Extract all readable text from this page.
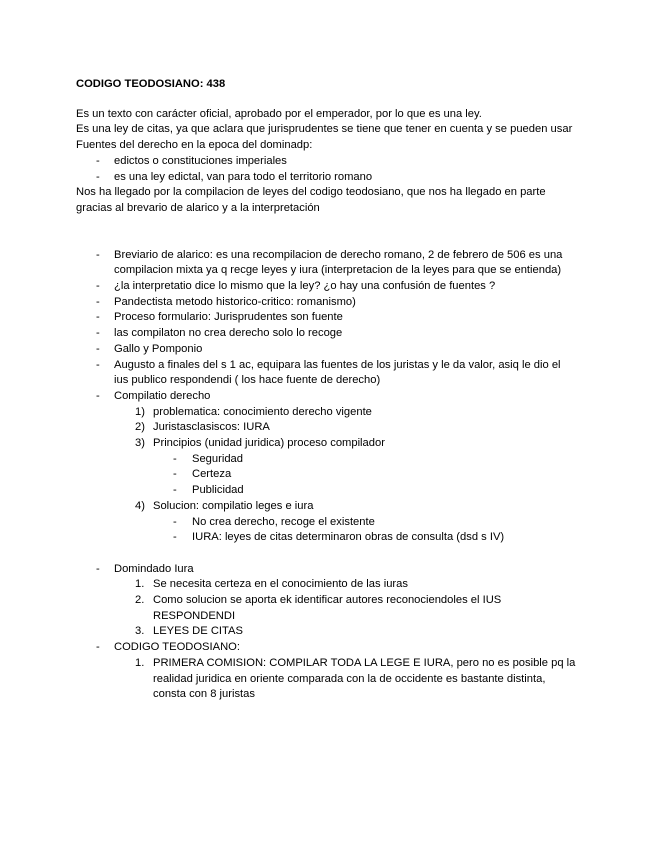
CODIGO TEODOSIANO: 438

Es un texto con carácter oficial, aprobado por el emperador, por lo que es una ley.

Es una ley de citas, ya que aclara que jurisprudentes se tiene que tener en cuenta y se pueden usar

Fuentes del derecho en la epoca del dominadp:

- edictos o constituciones imperiales
- es una ley edictal, van para todo el territorio romano

Nos ha llegado por la compilacion de leyes del codigo teodosiano, que nos ha llegado en parte gracias al brevario de alarico y a la interpretación

- Breviario de alarico: es una recompilacion de derecho romano, 2 de febrero de 506 es una compilacion mixta ya q recge leyes y iura (interpretacion de la leyes para que se entienda)
- ¿la interpretatio dice lo mismo que la ley? ¿o hay una confusión de fuentes ?
- Pandectista metodo historico-critico: romanismo)
- Proceso formulario: Jurisprudentes son fuente
- las compilaton no crea derecho solo lo recoge
- Gallo y Pomponio
- Augusto a finales del s 1 ac, equipara las fuentes de los juristas y le da valor, asiq le dio el ius publico respondendi ( los hace fuente de derecho)
- Compilatio derecho
1) problematica: conocimiento derecho vigente
2) Juristasclasiscos: IURA
3) Principios (unidad juridica) proceso compilador
- Seguridad
- Certeza
- Publicidad
4) Solucion: compilatio leges e iura
- No crea derecho, recoge el existente
- IURA: leyes de citas determinaron obras de consulta (dsd s IV)
- Domindado Iura
1. Se necesita certeza en el conocimiento de las iuras
2. Como solucion se aporta ek identificar autores reconociendoles el IUS RESPONDENDI
3. LEYES DE CITAS
- CODIGO TEODOSIANO:
1. PRIMERA COMISION: COMPILAR TODA LA LEGE E IURA, pero no es posible pq la realidad juridica en oriente comparada con la de occidente es bastante distinta, consta con 8 juristas
